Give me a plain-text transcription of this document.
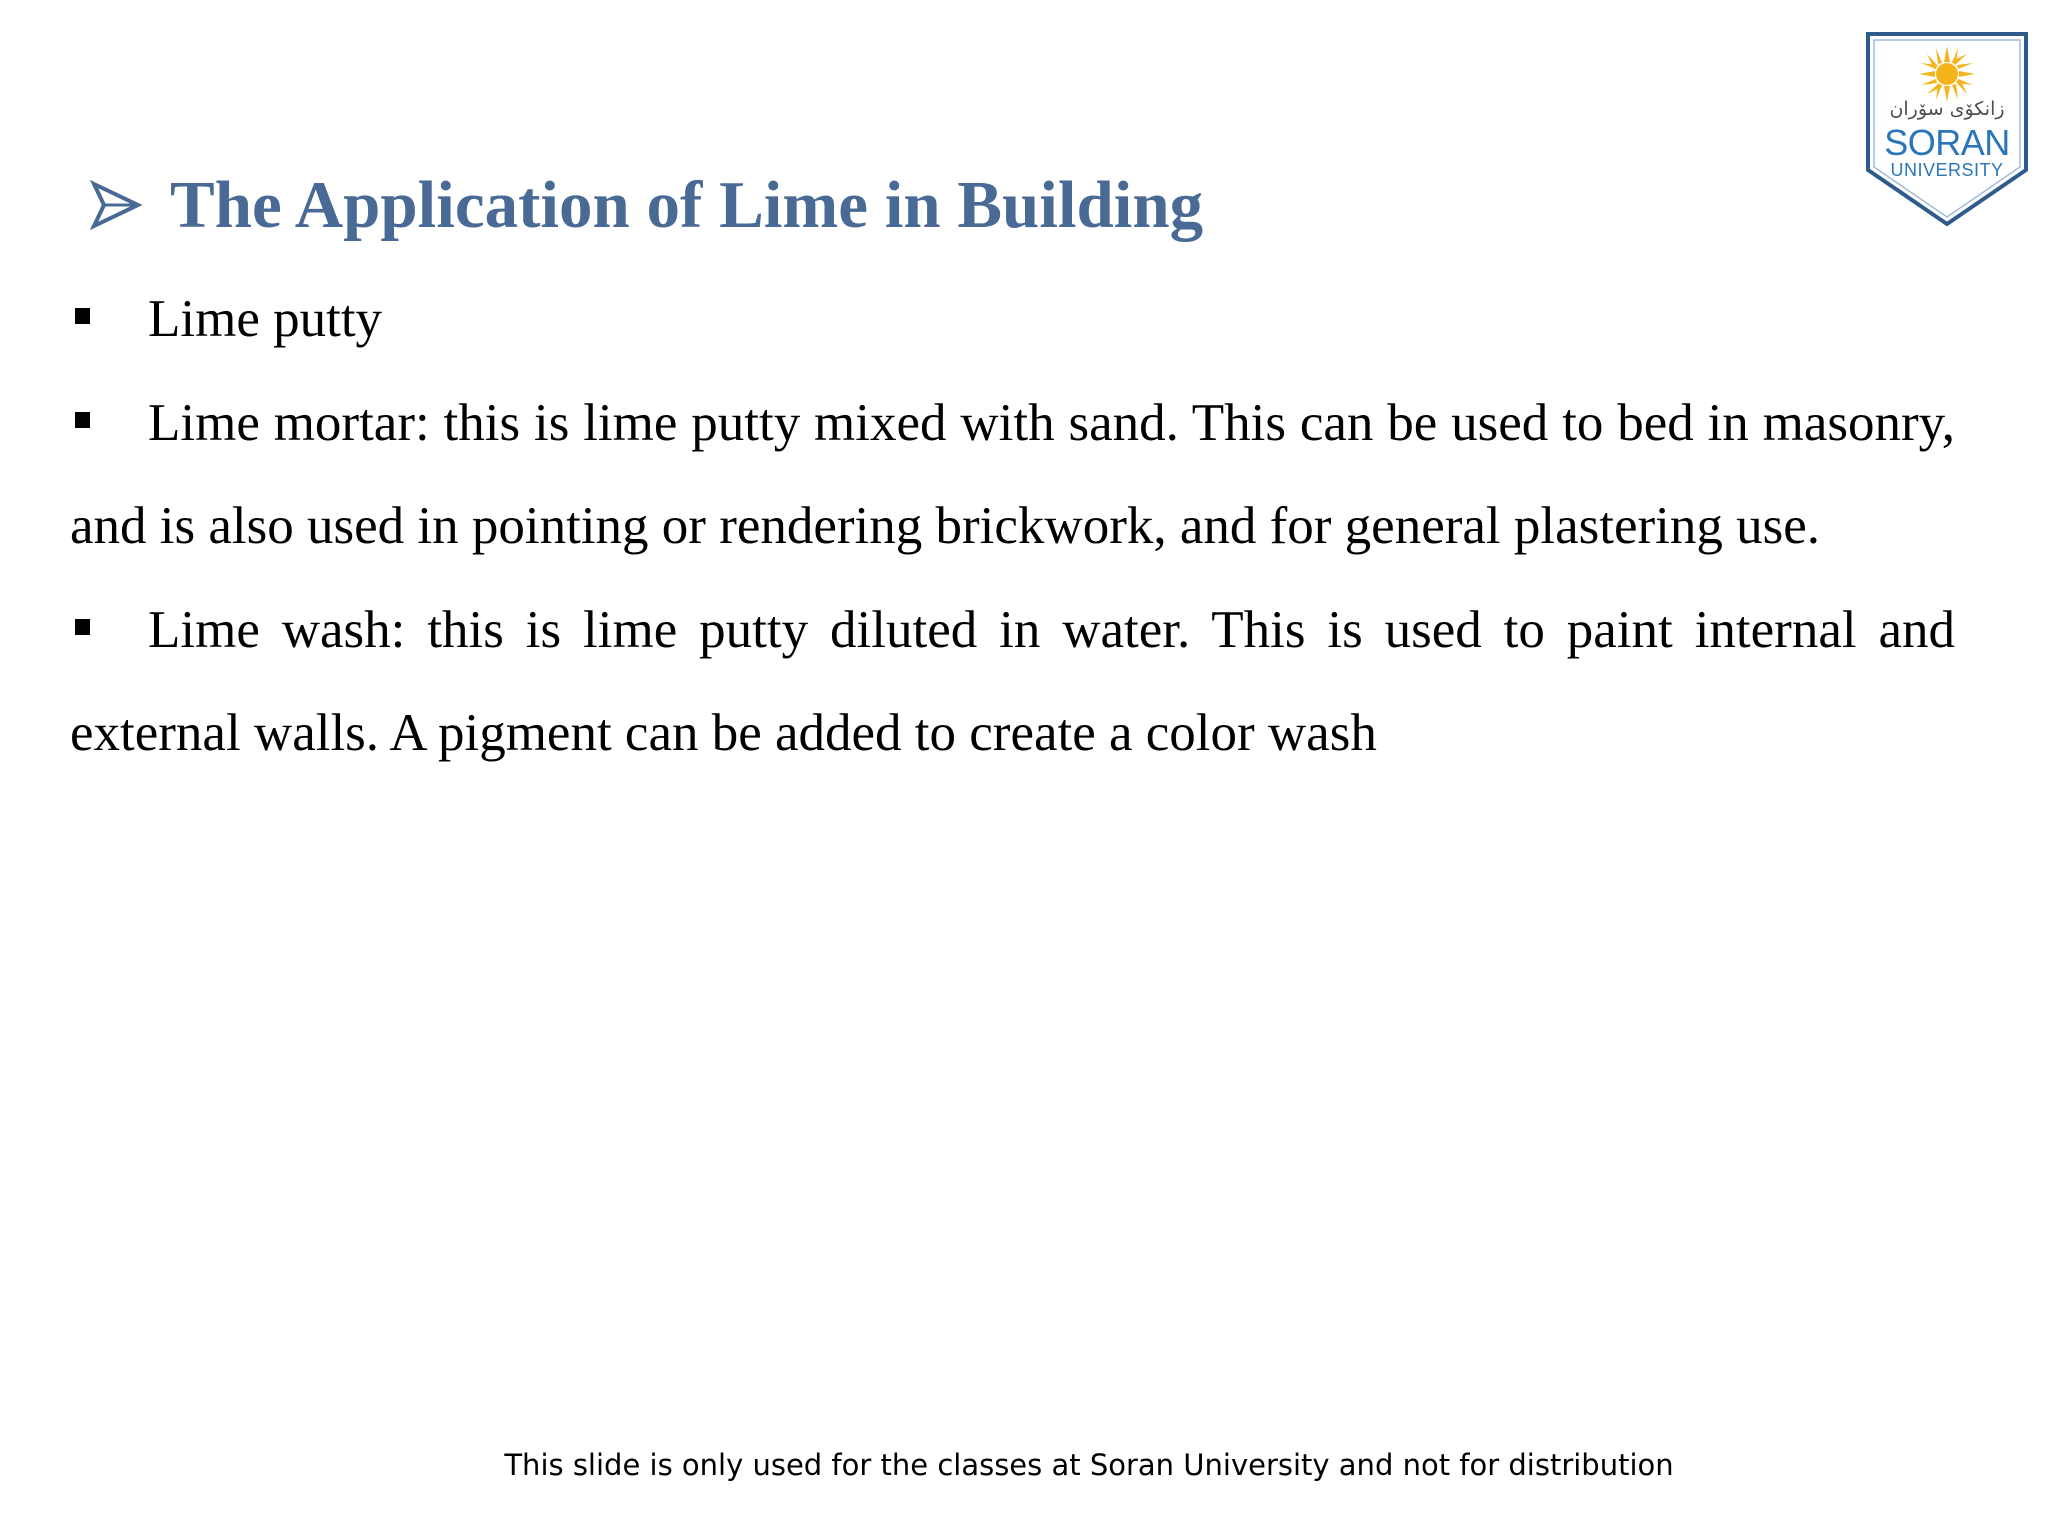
زانكۆی سۆران
SORAN
UNIVERSITY
The Application of Lime in Building

Lime putty

Lime mortar: this is lime putty mixed with sand. This can be used to bed in masonry, and is also used in pointing or rendering brickwork, and for general plastering use.

Lime wash: this is lime putty diluted in water. This is used to paint internal and external walls. A pigment can be added to create a color wash

This slide is only used for the classes at Soran University and not for distribution
